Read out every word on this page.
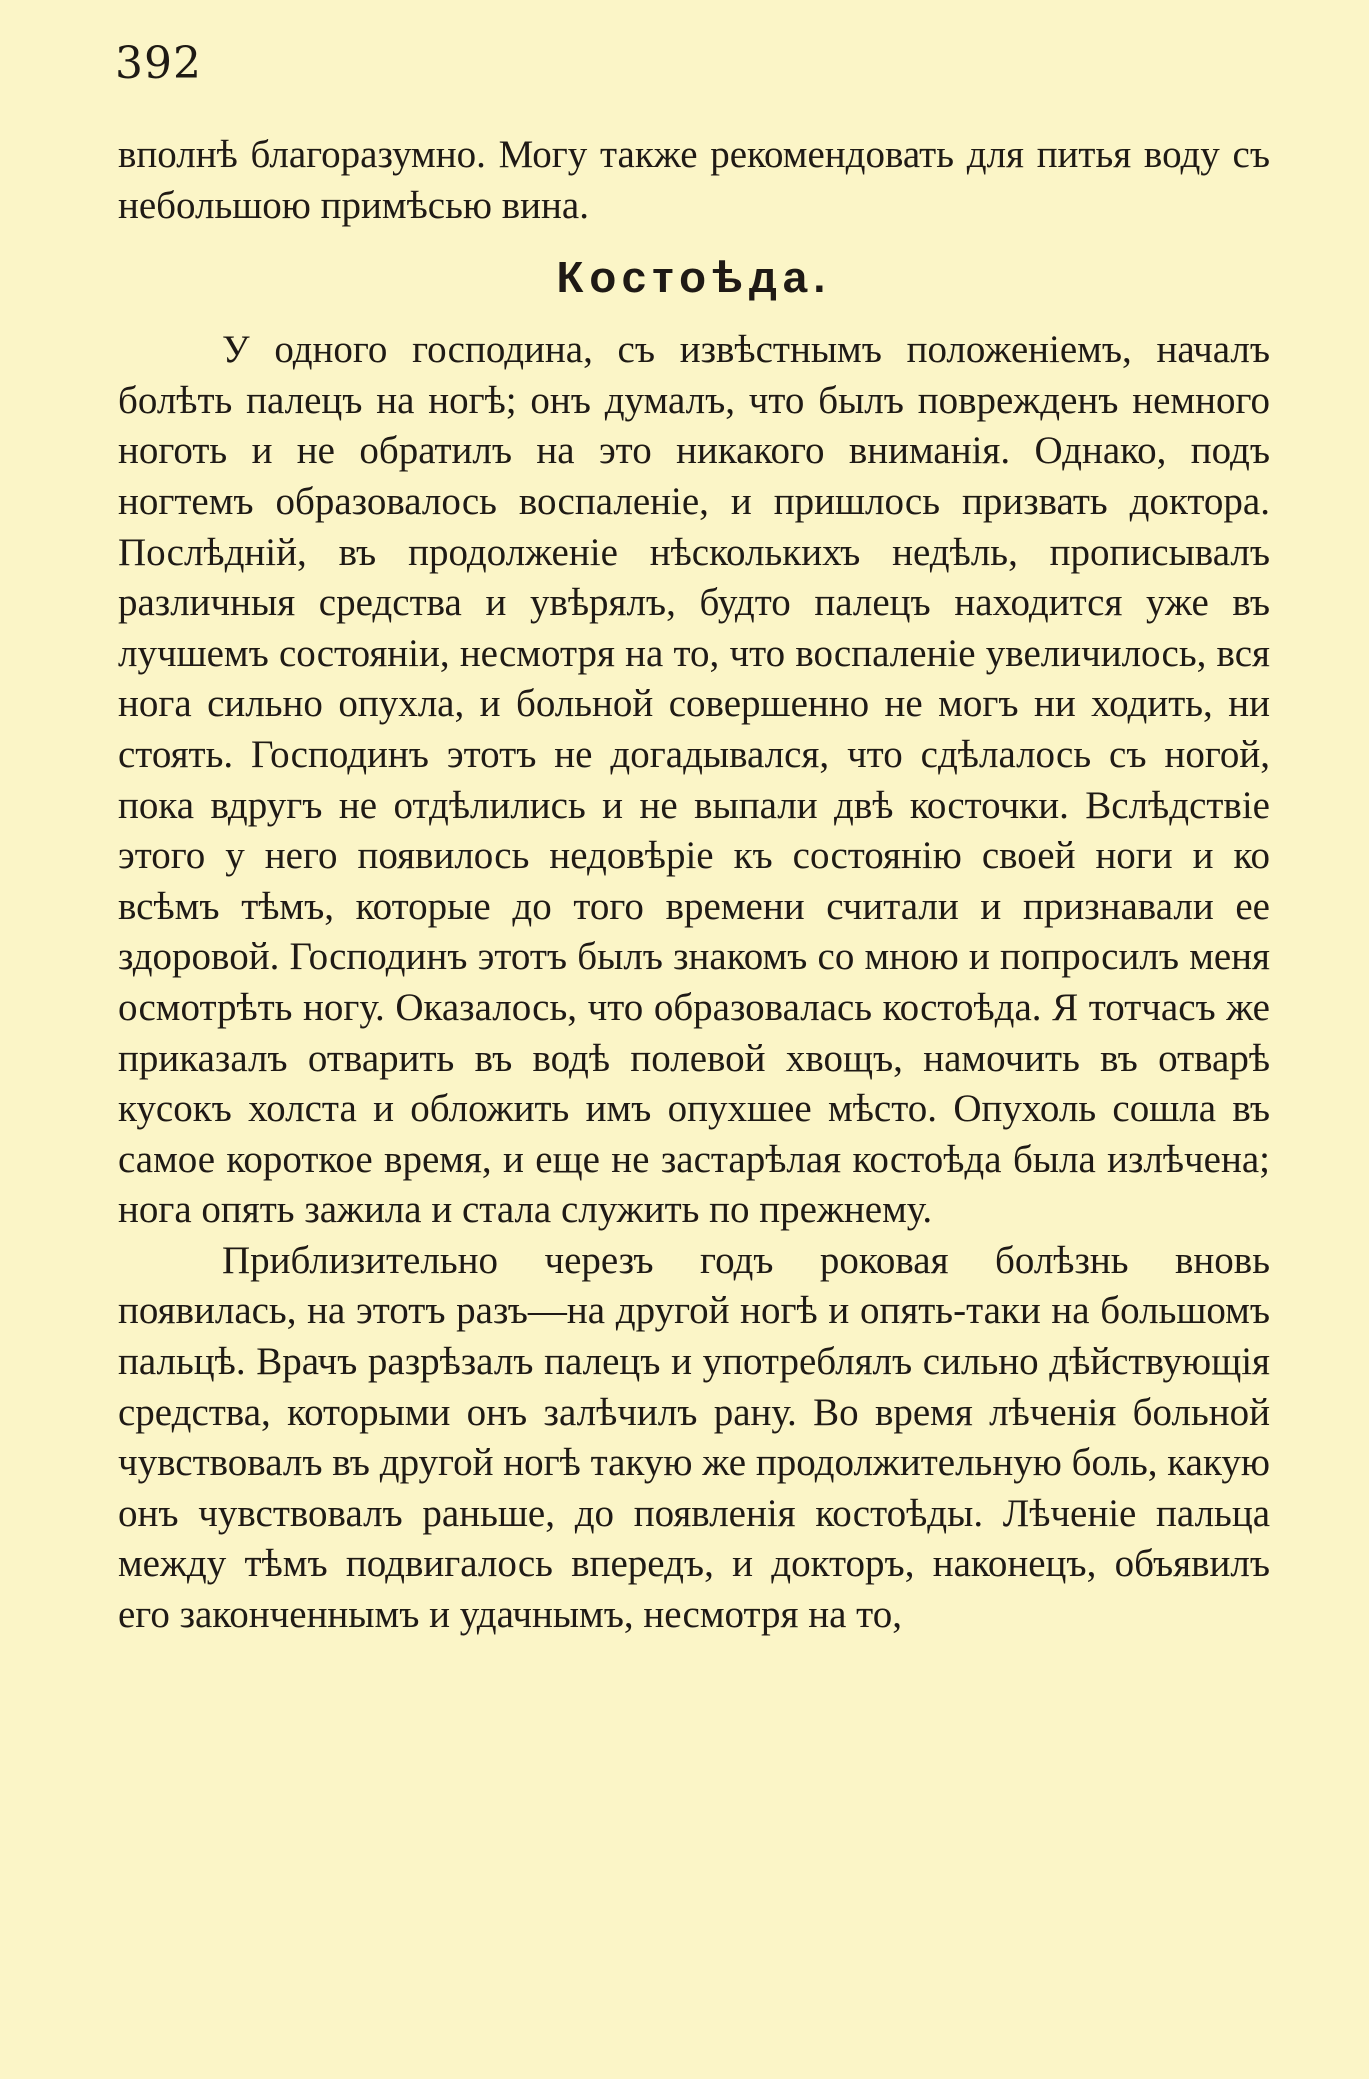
392

вполнѣ благоразумно. Могу также рекомендовать для питья воду съ небольшою примѣсью вина.

Костоѣда.

У одного господина, съ извѣстнымъ положеніемъ, началъ болѣть палецъ на ногѣ; онъ думалъ, что былъ поврежденъ немного ноготь и не обратилъ на это никакого вниманія. Однако, подъ ногтемъ образовалось воспаленіе, и пришлось призвать доктора. Послѣдній, въ продолженіе нѣсколькихъ недѣль, прописывалъ различныя средства и увѣрялъ, будто палецъ находится уже въ лучшемъ состояніи, несмотря на то, что воспаленіе увеличилось, вся нога сильно опухла, и больной совершенно не могъ ни ходить, ни стоять. Господинъ этотъ не догадывался, что сдѣлалось съ ногой, пока вдругъ не отдѣлились и не выпали двѣ косточки. Вслѣдствіе этого у него появилось недовѣріе къ состоянію своей ноги и ко всѣмъ тѣмъ, которые до того времени считали и признавали ее здоровой. Господинъ этотъ былъ знакомъ со мною и попросилъ меня осмотрѣть ногу. Оказалось, что образовалась костоѣда. Я тотчасъ же приказалъ отварить въ водѣ полевой хвощъ, намочить въ отварѣ кусокъ холста и обложить имъ опухшее мѣсто. Опухоль сошла въ самое короткое время, и еще не застарѣлая костоѣда была излѣчена; нога опять зажила и стала служить по прежнему.

Приблизительно черезъ годъ роковая болѣзнь вновь появилась, на этотъ разъ—на другой ногѣ и опять-таки на большомъ пальцѣ. Врачъ разрѣзалъ палецъ и употреблялъ сильно дѣйствующія средства, которыми онъ залѣчилъ рану. Во время лѣченія больной чувствовалъ въ другой ногѣ такую же продолжительную боль, какую онъ чувствовалъ раньше, до появленія костоѣды. Лѣченіе пальца между тѣмъ подвигалось впередъ, и докторъ, наконецъ, объявилъ его законченнымъ и удачнымъ, несмотря на то,
